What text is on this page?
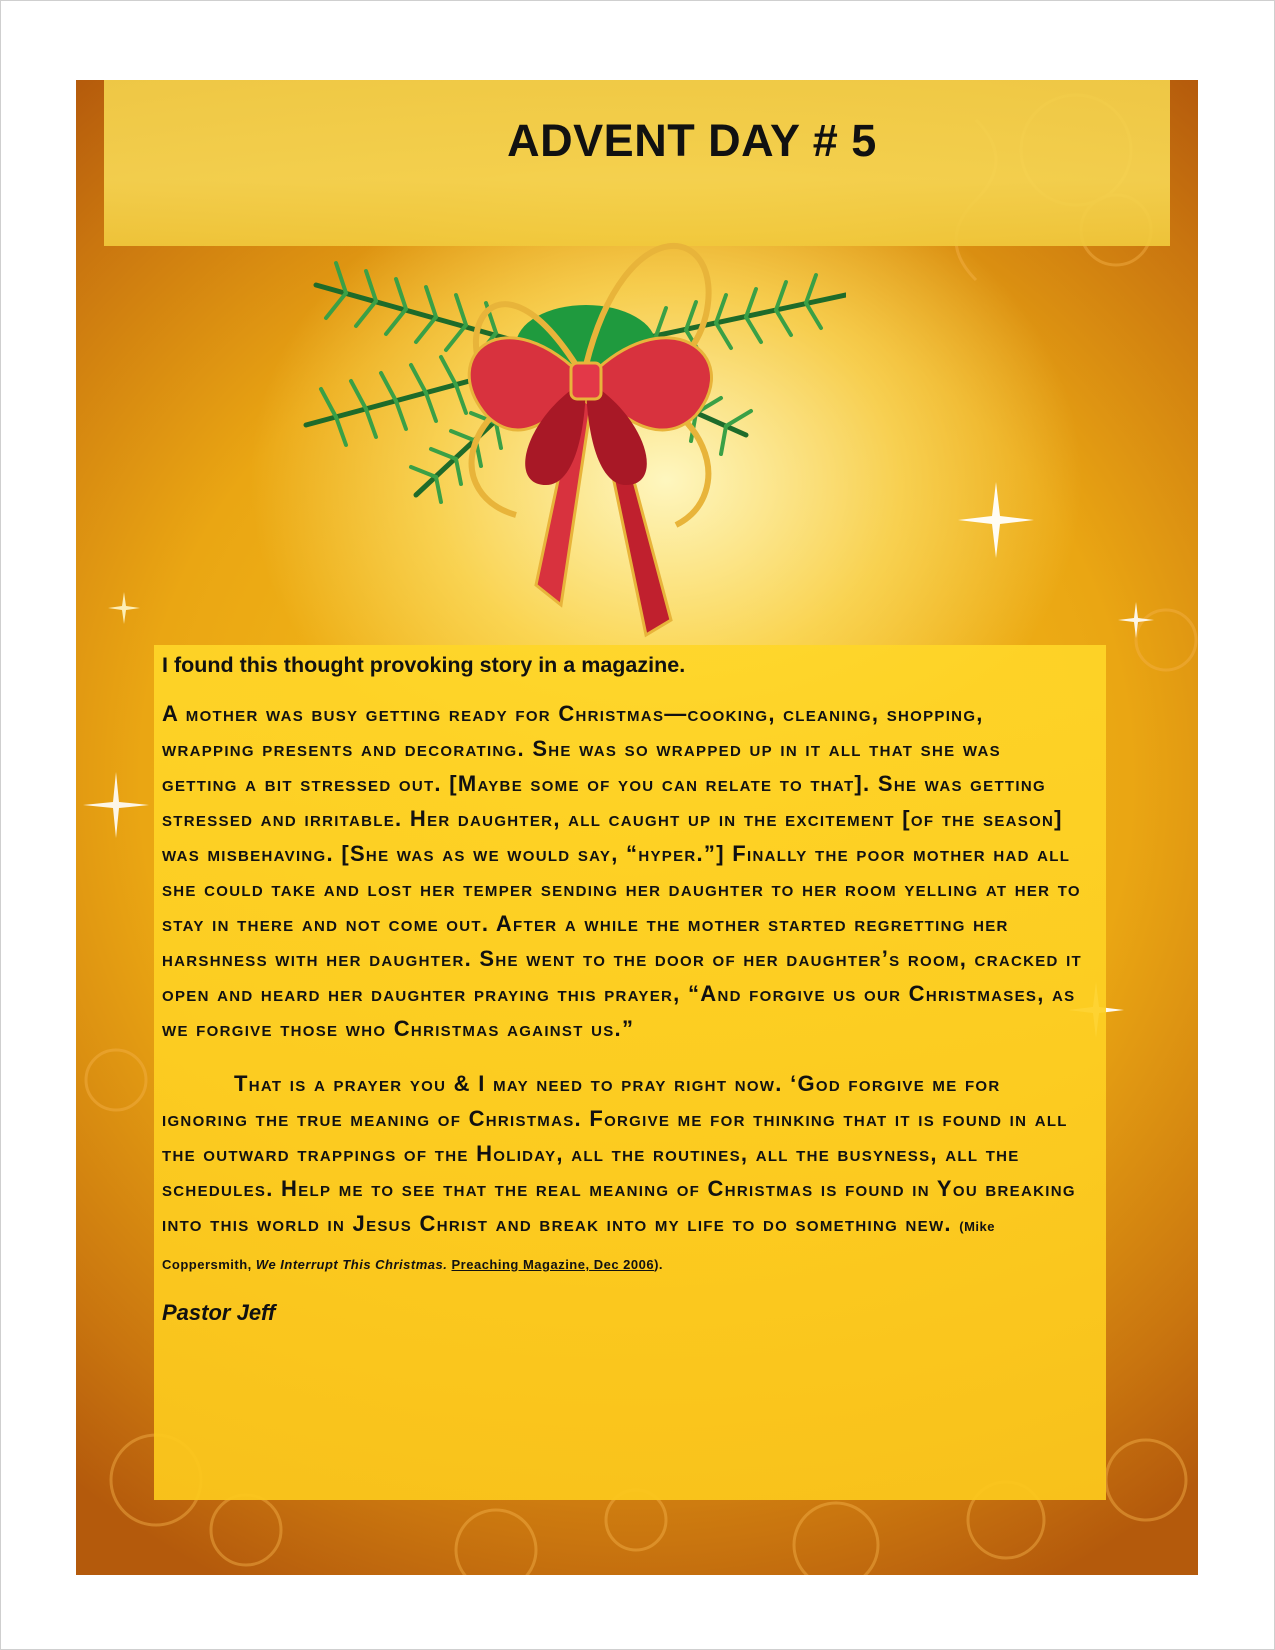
ADVENT DAY # 5

I found this thought provoking story in a magazine.

A mother was busy getting ready for Christmas—cooking, cleaning, shopping, wrapping presents and decorating. She was so wrapped up in it all that she was getting a bit stressed out. [Maybe some of you can relate to that]. She was getting stressed and irritable. Her daughter, all caught up in the excitement [of the season] was misbehaving. [She was as we would say, “hyper.”] Finally the poor mother had all she could take and lost her temper sending her daughter to her room yelling at her to stay in there and not come out. After a while the mother started regretting her harshness with her daughter. She went to the door of her daughter’s room, cracked it open and heard her daughter praying this prayer, “And forgive us our Christmases, as we forgive those who Christmas against us.”

That is a prayer you & I may need to pray right now. ‘God forgive me for ignoring the true meaning of Christmas. Forgive me for thinking that it is found in all the outward trappings of the Holiday, all the routines, all the busyness, all the schedules. Help me to see that the real meaning of Christmas is found in You breaking into this world in Jesus Christ and break into my life to do something new. (Mike Coppersmith, We Interrupt This Christmas. Preaching Magazine, Dec 2006).

Pastor Jeff
